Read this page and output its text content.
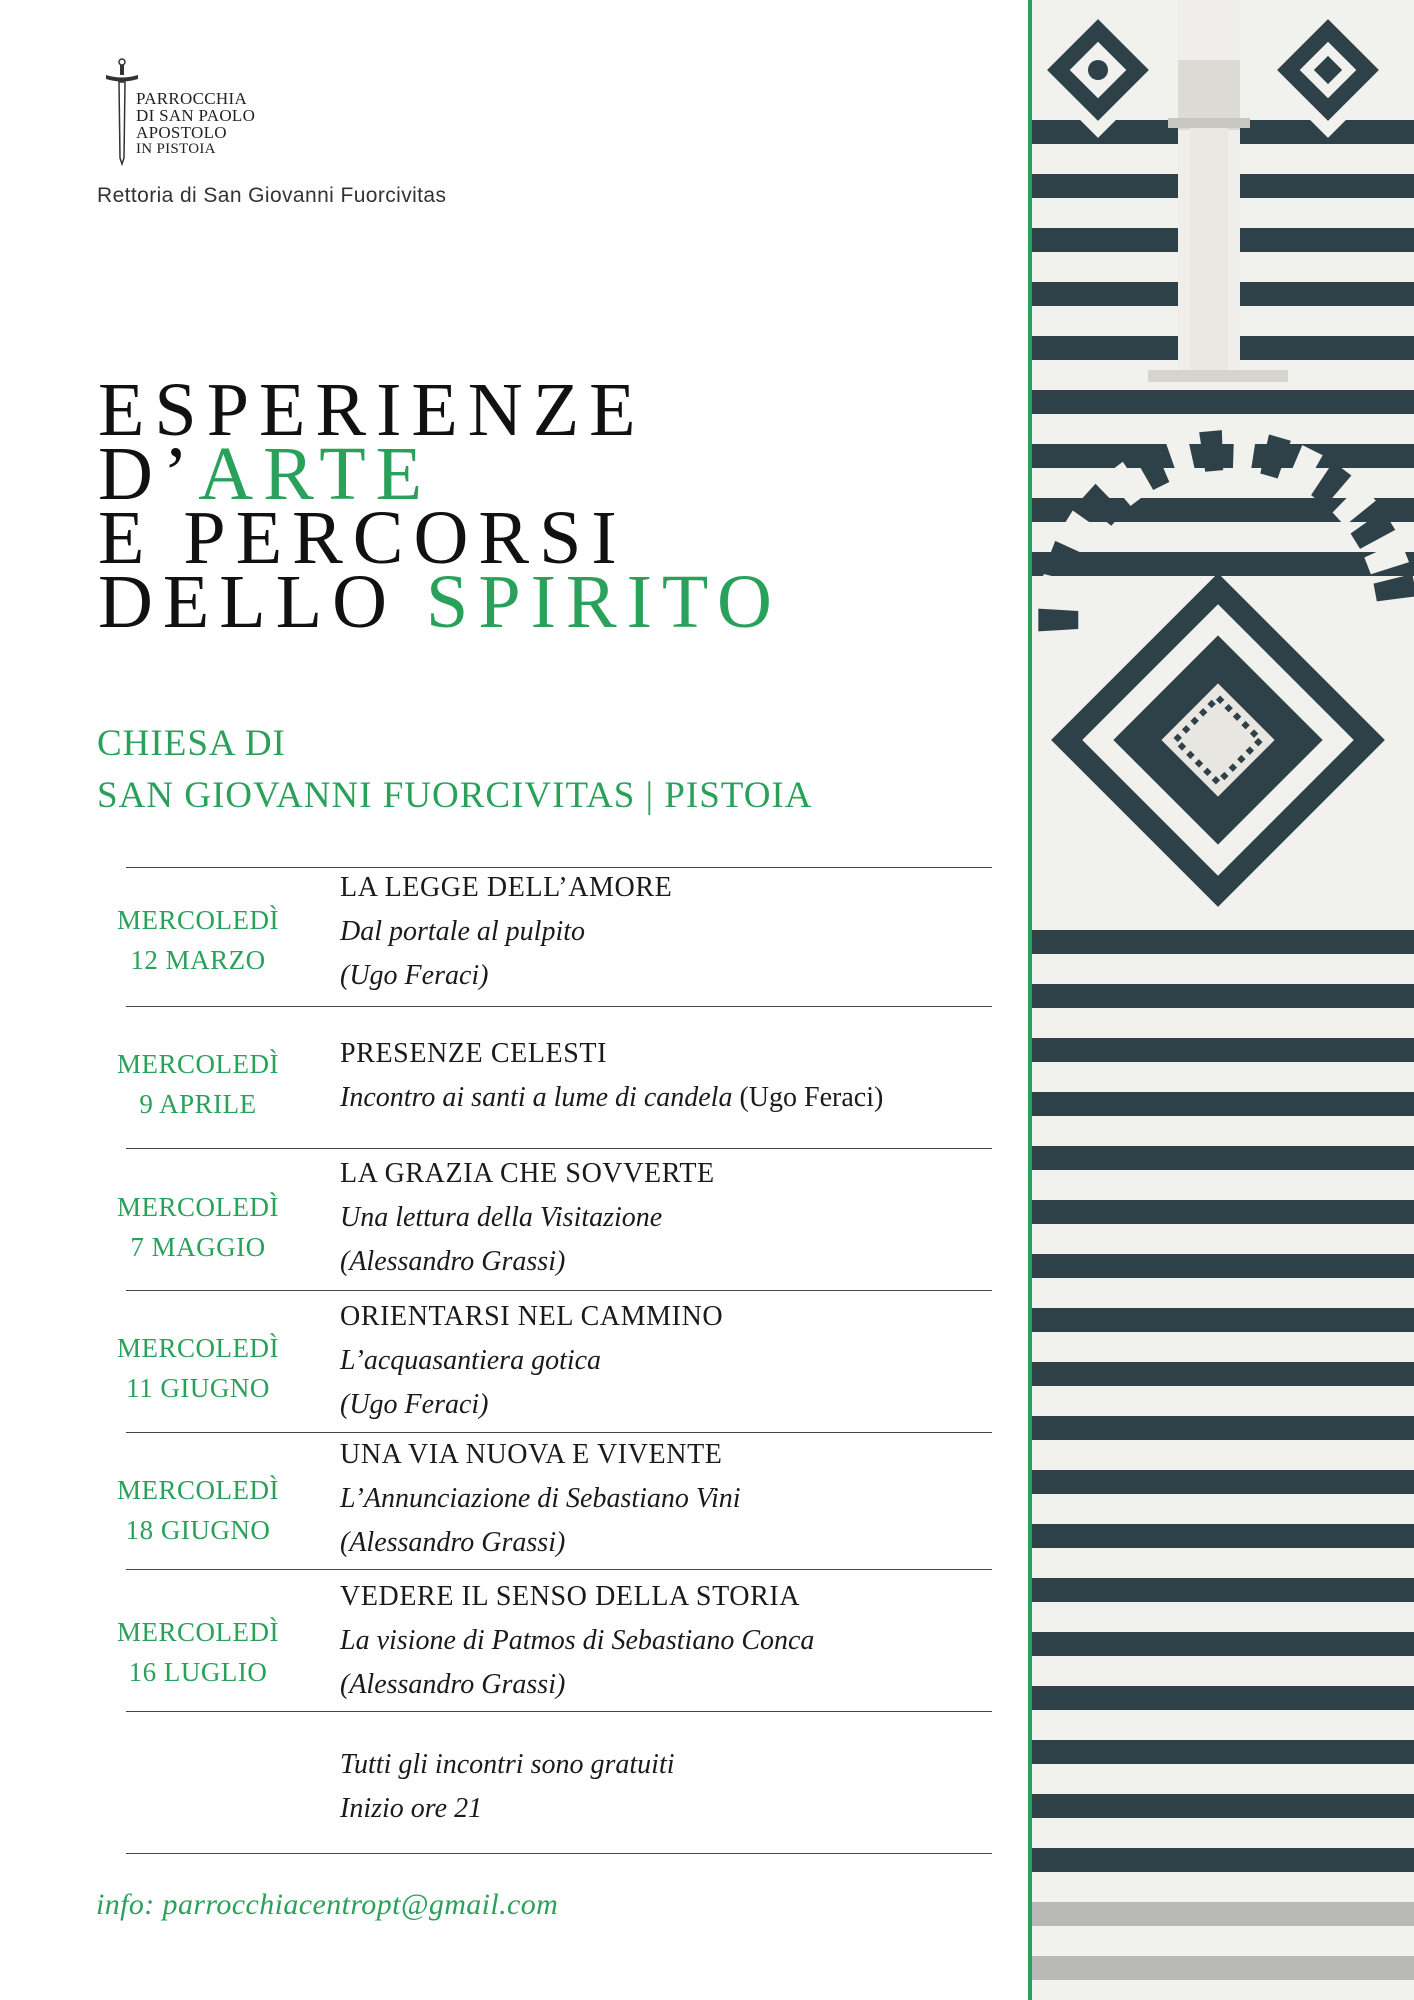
PARROCCHIA
DI SAN PAOLO
APOSTOLO
IN PISTOIA
Rettoria di San Giovanni Fuorcivitas
ESPERIENZE
D’ARTE
E PERCORSI
DELLO SPIRITO
CHIESA DI
SAN GIOVANNI FUORCIVITAS | PISTOIA
MERCOLEDÌ
12 MARZO
LA LEGGE DELL’AMORE
Dal portale al pulpito
(Ugo Feraci)
MERCOLEDÌ
9 APRILE
PRESENZE CELESTI
Incontro ai santi a lume di candela (Ugo Feraci)
MERCOLEDÌ
7 MAGGIO
LA GRAZIA CHE SOVVERTE
Una lettura della Visitazione
(Alessandro Grassi)
MERCOLEDÌ
11 GIUGNO
ORIENTARSI NEL CAMMINO
L’acquasantiera gotica
(Ugo Feraci)
MERCOLEDÌ
18 GIUGNO
UNA VIA NUOVA E VIVENTE
L’Annunciazione di Sebastiano Vini
(Alessandro Grassi)
MERCOLEDÌ
16 LUGLIO
VEDERE IL SENSO DELLA STORIA
La visione di Patmos di Sebastiano Conca
(Alessandro Grassi)
Tutti gli incontri sono gratuiti
Inizio ore 21
info: parrocchiacentropt@gmail.com
